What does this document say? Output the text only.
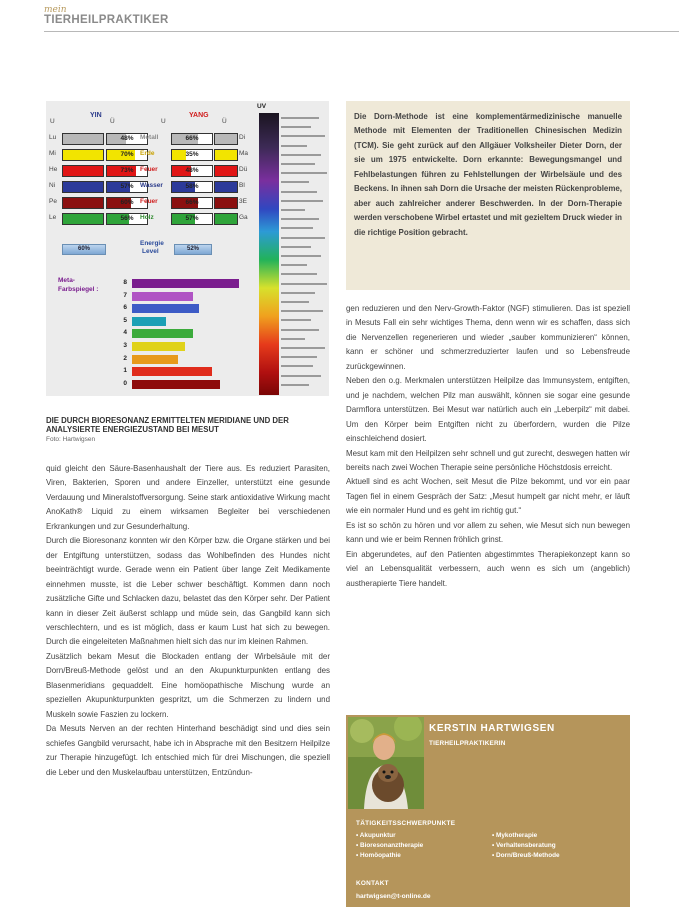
mein
TIERHEILPRAKTIKER
U
YIN
Ü	U
YANG
Ü
UV
Lu	48%	Metall	66%	Di
Mi	70%	Erde	35%	Ma
He	73%	Feuer	48%	Dü
Ni	57%	Wasser	58%	Bl
Pe	60%	Feuer	66%	3E
Le	56%	Holz	57%	Ga
60%
Energie
Level	52%
Meta-
Farbspiegel :
8
7
6
5
4
3
2
1
0
DIE DURCH BIORESONANZ ERMITTELTEN MERIDIANE UND DER ANALYSIERTE ENERGIEZUSTAND BEI MESUT
Foto: Hartwigsen

quid gleicht den Säure-Basenhaushalt der Tiere aus. Es reduziert Parasiten, Viren, Bakterien, Sporen und andere Einzeller, unterstützt eine gesunde Verdauung und Mineralstoffversorgung. Seine stark antioxidative Wirkung macht AnoKath® Liquid zu einem wirksamen Begleiter bei verschiedenen Erkrankungen und zur Gesunderhaltung.

Durch die Bioresonanz konnten wir den Körper bzw. die Organe stärken und bei der Entgiftung unterstützen, sodass das Wohlbefinden des Hundes nicht beeinträchtigt wurde. Gerade wenn ein Patient über lange Zeit Medikamente einnehmen musste, ist die Leber schwer beschäftigt. Kommen dann noch zusätzliche Gifte und Schlacken dazu, belastet das den Körper sehr. Der Patient kann in dieser Zeit äußerst schlapp und müde sein, das Gangbild kann sich verschlechtern, und es ist möglich, dass er kaum Lust hat sich zu bewegen. Durch die eingeleiteten Maßnahmen hielt sich das nur im kleinen Rahmen.

Zusätzlich bekam Mesut die Blockaden entlang der Wirbelsäule mit der Dorn/Breuß-Methode gelöst und an den Akupunkturpunkten entlang des Blasenmeridians gequaddelt. Eine homöopathische Mischung wurde an speziellen Akupunkturpunkten gespritzt, um die Schmerzen zu lindern und Muskeln sowie Faszien zu lockern.

Da Mesuts Nerven an der rechten Hinterhand beschädigt sind und dies sein schiefes Gangbild verursacht, habe ich in Absprache mit den Besitzern Heilpilze zur Therapie hinzugefügt. Ich entschied mich für drei Mischungen, die speziell die Leber und den Muskelaufbau unterstützen, Entzündun-

Die Dorn-Methode ist eine komplementärmedizinische manuelle Methode mit Elementen der Traditionellen Chinesischen Medizin (TCM). Sie geht zurück auf den Allgäuer Volksheiler Dieter Dorn, der sie um 1975 entwickelte. Dorn erkannte: Bewegungsmangel und Fehlbelastungen führen zu Fehlstellungen der Wirbelsäule und des Beckens. In ihnen sah Dorn die Ursache der meisten Rückenprobleme, aber auch zahlreicher anderer Beschwerden. In der Dorn-Therapie werden verschobene Wirbel ertastet und mit gezieltem Druck wieder in die richtige Position gebracht.

gen reduzieren und den Nerv-Growth-Faktor (NGF) stimulieren. Das ist speziell in Mesuts Fall ein sehr wichtiges Thema, denn wenn wir es schaffen, dass sich die Nervenzellen regenerieren und wieder „sauber kommunizieren“ können, kann er schöner und schmerzreduzierter laufen und so Lebensfreude zurückgewinnen.

Neben den o.g. Merkmalen unterstützen Heilpilze das Immunsystem, entgiften, und je nachdem, welchen Pilz man auswählt, können sie sogar eine gesunde Darmflora unterstützen. Bei Mesut war natürlich auch ein „Leberpilz“ mit dabei. Um den Körper beim Entgiften nicht zu überfordern, wurden die Pilze einschleichend dosiert.

Mesut kam mit den Heilpilzen sehr schnell und gut zurecht, deswegen hatten wir bereits nach zwei Wochen Therapie seine persönliche Höchstdosis erreicht.

Aktuell sind es acht Wochen, seit Mesut die Pilze bekommt, und vor ein paar Tagen fiel in einem Gespräch der Satz: „Mesut humpelt gar nicht mehr, er läuft wie ein normaler Hund und es geht im richtig gut.“

Es ist so schön zu hören und vor allem zu sehen, wie Mesut sich nun bewegen kann und wie er beim Rennen fröhlich grinst.

Ein abgerundetes, auf den Patienten abgestimmtes Therapiekonzept kann so viel an Lebensqualität verbessern, auch wenn es sich um (angeblich) austherapierte Tiere handelt.

KERSTIN HARTWIGSEN
TIERHEILPRAKTIKERIN
TÄTIGKEITSSCHWERPUNKTE
KONTAKT
hartwigsen@t-online.de
• Akupunktur
• Bioresonanztherapie
• Homöopathie
• Mykotherapie
• Verhaltensberatung
• Dorn/Breuß-Methode
